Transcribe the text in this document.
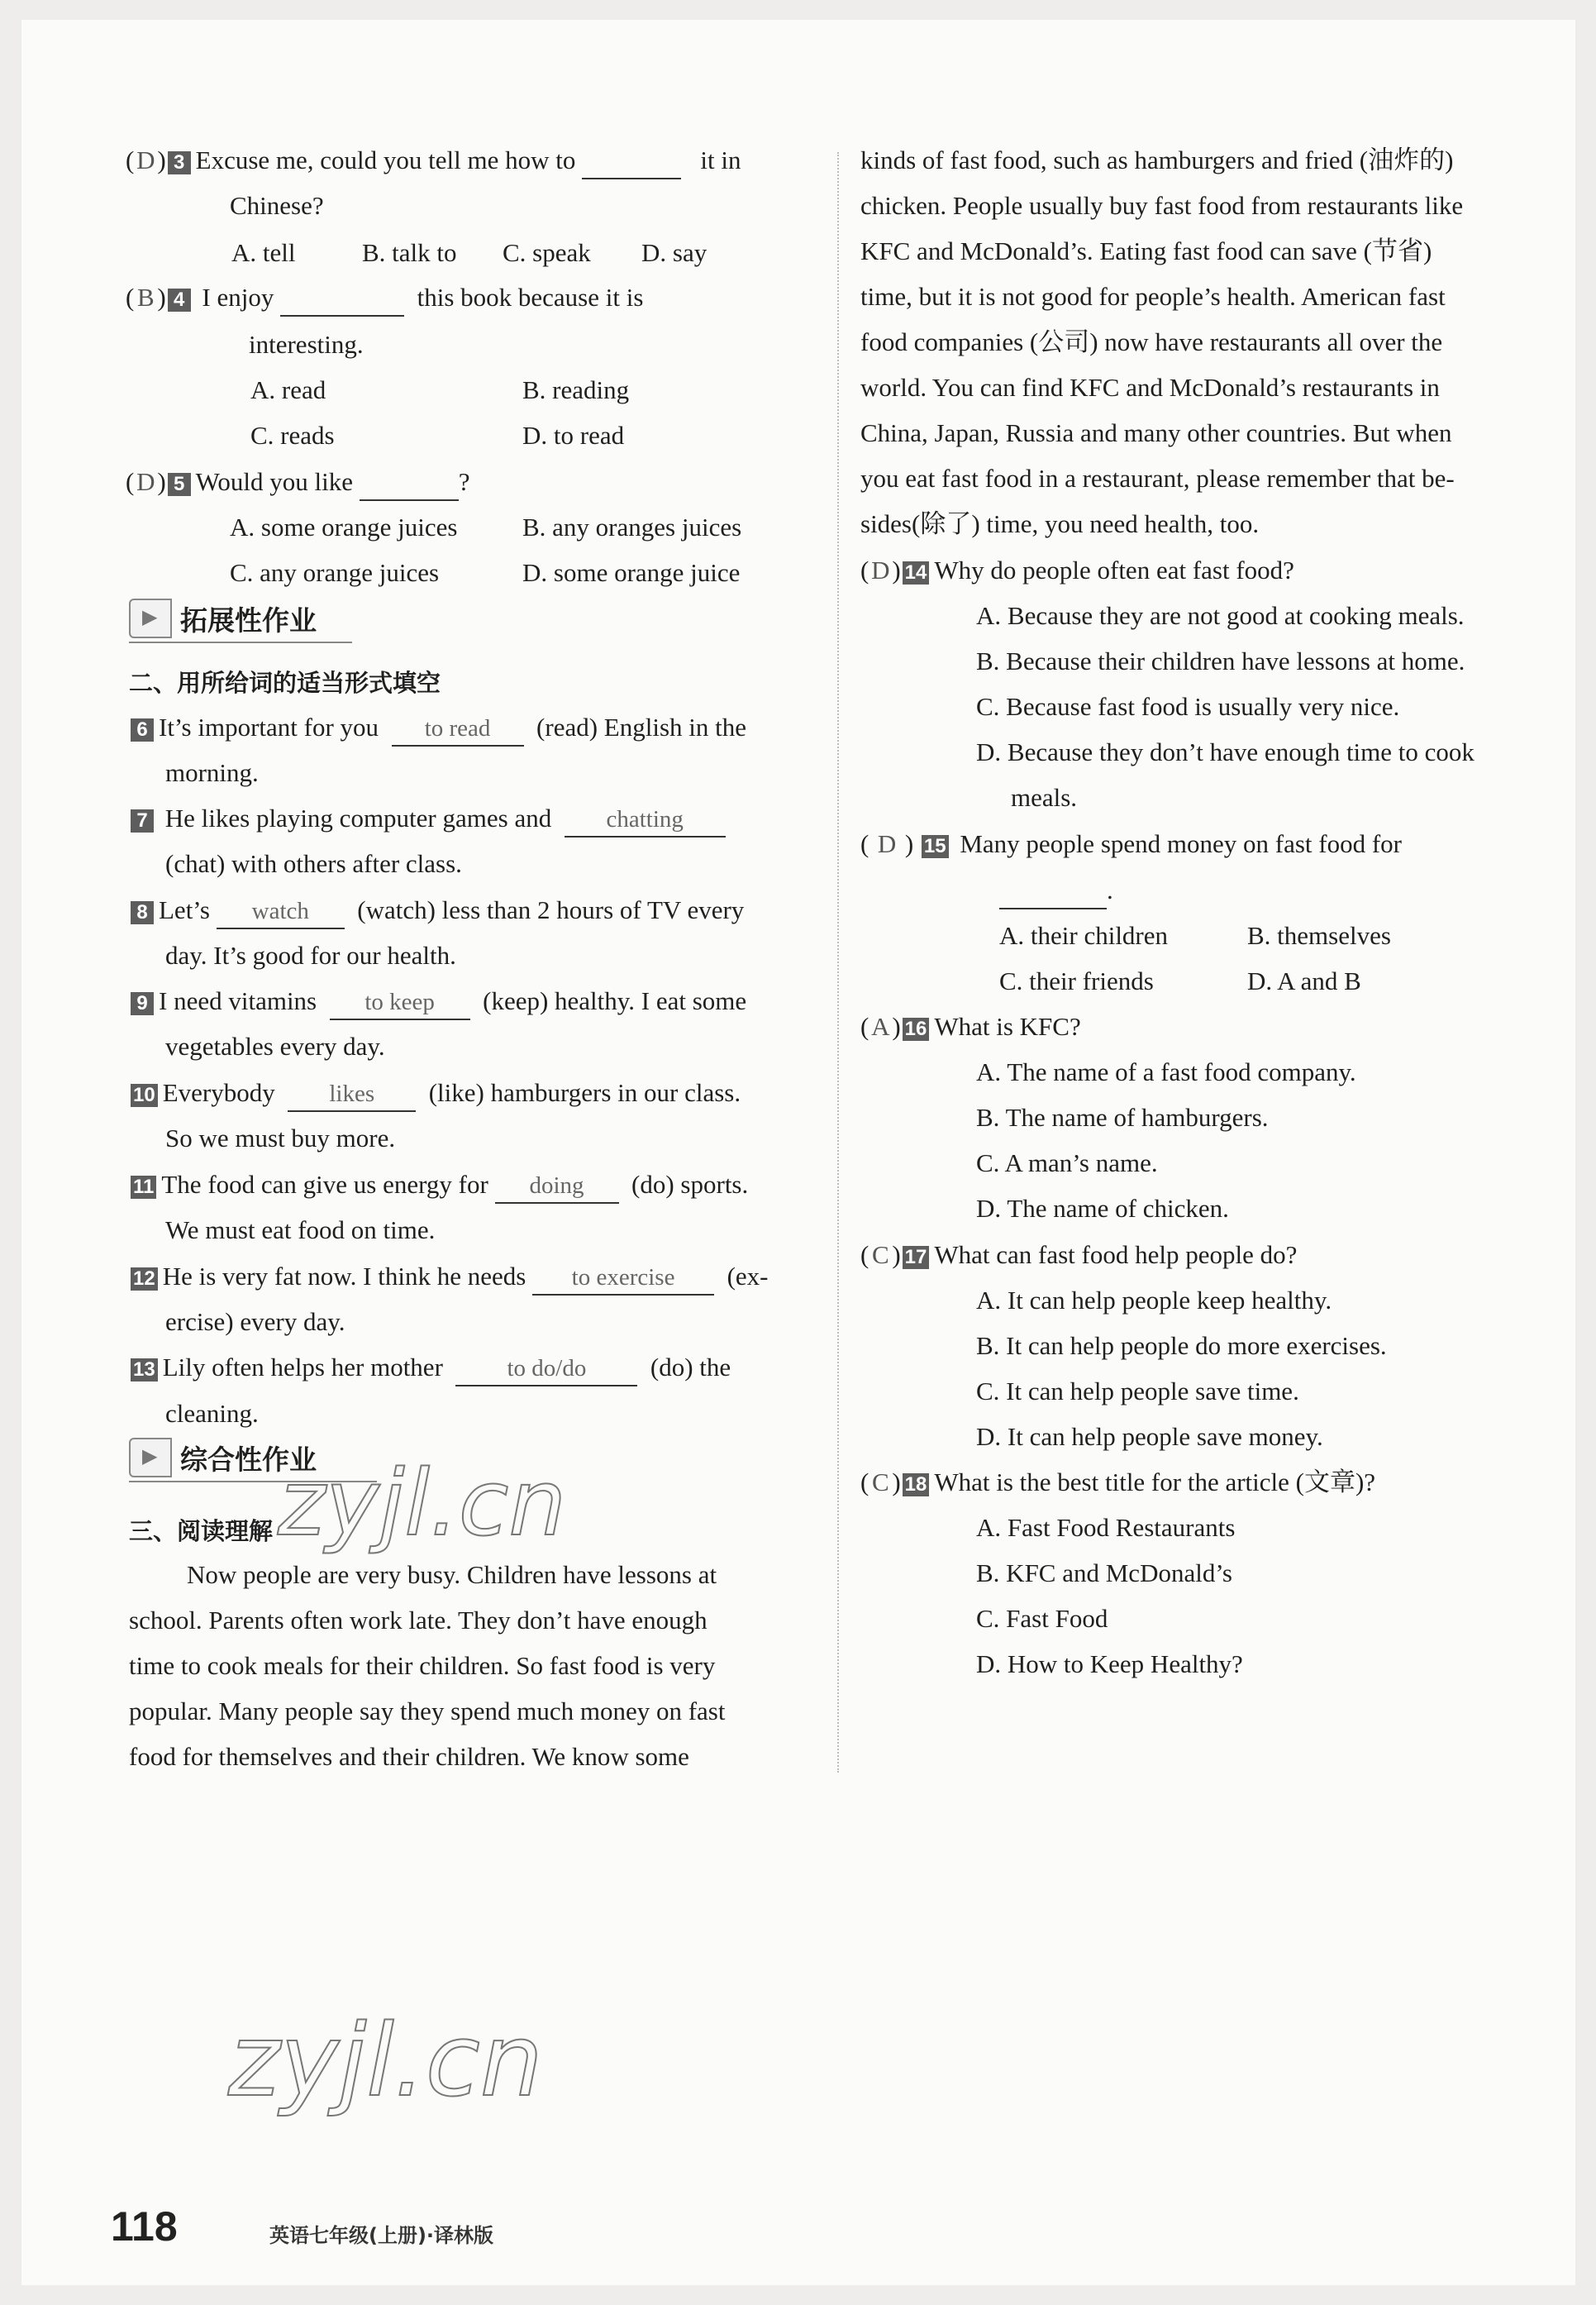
(D) 3 Excuse me, could you tell me how to	it in
Chinese?
A. tell	B. talk to C. speak D. say
( B ) 4 I enjoy	this book because it is
interesting.
A. read	B. reading
C. reads	D. to read
(D) 5 Would you like	?
A. some orange juices	B. any oranges juices
C. any orange juices	D. some orange juice
▶
拓展性作业
二、用所给词的适当形式填空
6 It’s important for you to read (read) English in the
morning.
7 He likes playing computer games and  chatting
(chat) with others after class.
8 Let’s watch (watch) less than 2 hours of TV every
day. It’s good for our health.
9 I need vitamins to keep (keep) healthy. I eat some
vegetables every day.
10 Everybody likes (like) hamburgers in our class.
So we must buy more.
11 The food can give us energy for doing (do) sports.
We must eat food on time.
12 He is very fat now. I think he needs to exercise (ex-
ercise) every day.
13 Lily often helps her mother	to do/do	(do) the
cleaning.
▶
综合性作业
三、阅读理解
Now people are very busy. Children have lessons at
school. Parents often work late. They don’t have enough
time to cook meals for their children. So fast food is very
popular. Many people say they spend much money on fast
food for themselves and their children. We know some
kinds of fast food, such as hamburgers and fried (油炸的)
chicken. People usually buy fast food from restaurants like
KFC and McDonald’s. Eating fast food can save (节省)
time, but it is not good for people’s health. American fast
food companies (公司) now have restaurants all over the
world. You can find KFC and McDonald’s restaurants in
China, Japan, Russia and many other countries. But when
you eat fast food in a restaurant, please remember that be-
sides(除了) time, you need health, too.
(D) 14 Why do people often eat fast food?
A. Because they are not good at cooking meals.
B. Because their children have lessons at home.
C. Because fast food is usually very nice.
D. Because they don’t have enough time to cook
meals.
( D ) 15 Many people spend money on fast food for
.
A. their children	B. themselves
C. their friends	D. A and B
(A) 16 What is KFC?
A. The name of a fast food company.
B. The name of hamburgers.
C. A man’s name.
D. The name of chicken.
( C ) 17 What can fast food help people do?
A. It can help people keep healthy.
B. It can help people do more exercises.
C. It can help people save time.
D. It can help people save money.
( C ) 18 What is the best title for the article (文章)?
A. Fast Food Restaurants
B. KFC and McDonald’s
C. Fast Food
D. How to Keep Healthy?
zyjl.cn
zyjl.cn
118	英语七年级(上册)·译林版
